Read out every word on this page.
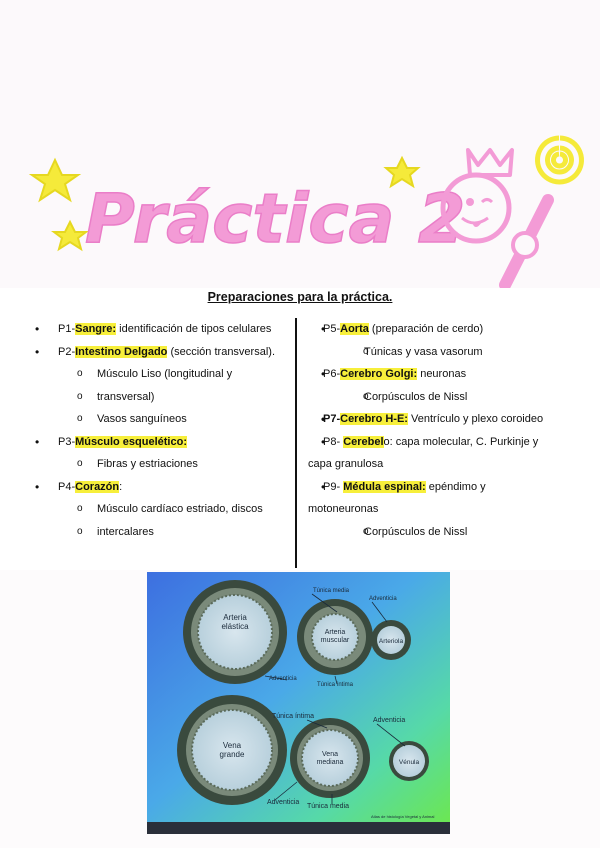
Práctica 2
Preparaciones para la práctica.
• P1-Sangre: identificación de tipos celulares
• P2-Intestino Delgado (sección transversal).
o Músculo Liso (longitudinal y
o transversal)
o Vasos sanguíneos
• P3-Músculo esquelético:
o Fibras y estriaciones
• P4-Corazón:
o Músculo cardíaco estriado, discos
o intercalares
• P5-Aorta (preparación de cerdo)
o Túnicas y vasa vasorum
• P6-Cerebro Golgi: neuronas
o Corpúsculos de Nissl
• P7-Cerebro H-E: Ventrículo y plexo coroideo
• P8- Cerebelo: capa molecular, C. Purkinje y
capa granulosa
• P9- Médula espinal: epéndimo y
motoneuronas
o Corpúsculos de Nissl
Arteria elástica
Arteria muscular	Arteriola
Vena grande	Vena mediana	Vénula
Túnica media
Adventicia
Adventicia
Túnica íntima
Túnica íntima
Adventicia
Adventicia
Túnica media
Atlas de histología Vegetal y Animal
